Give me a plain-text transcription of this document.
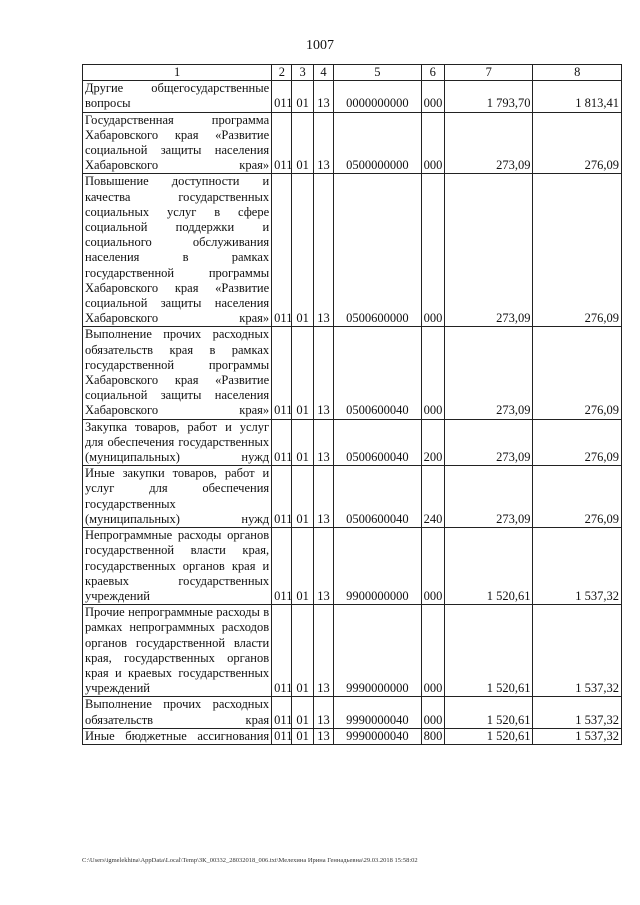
1007
1	2	3	4	5	6	7	8

Другие общегосударственные вопросы	011	01	13	0000000000	000	1 793,70	1 813,41

Государственная программа Хабаровского края «Развитие социальной защиты населения Хабаровского края»	011	01	13	0500000000	000	273,09	276,09

Повышение доступности и качества государственных социальных услуг в сфере социальной поддержки и социального обслуживания населения в рамках государственной программы Хабаровского края «Развитие социальной защиты населения Хабаровского края»	011	01	13	0500600000	000	273,09	276,09

Выполнение прочих расходных обязательств края в рамках государственной программы Хабаровского края «Развитие социальной защиты населения Хабаровского края»	011	01	13	0500600040	000	273,09	276,09

Закупка товаров, работ и услуг для обеспечения государственных (муниципальных) нужд	011	01	13	0500600040	200	273,09	276,09

Иные закупки товаров, работ и услуг для обеспечения государственных (муниципальных) нужд	011	01	13	0500600040	240	273,09	276,09

Непрограммные расходы органов государственной власти края, государственных органов края и краевых государственных учреждений	011	01	13	9900000000	000	1 520,61	1 537,32

Прочие непрограммные расходы в рамках непрограммных расходов органов государственной власти края, государственных органов края и краевых государственных учреждений	011	01	13	9990000000	000	1 520,61	1 537,32

Выполнение прочих расходных обязательств края	011	01	13	9990000040	000	1 520,61	1 537,32

Иные бюджетные ассигнования	011	01	13	9990000040	800	1 520,61	1 537,32
C:\Users\igmelekhina\AppData\Local\Temp\ЗК_00332_28032018_006.txt\Мелехина Ирина Геннадьевна\29.03.2018 15:58:02
